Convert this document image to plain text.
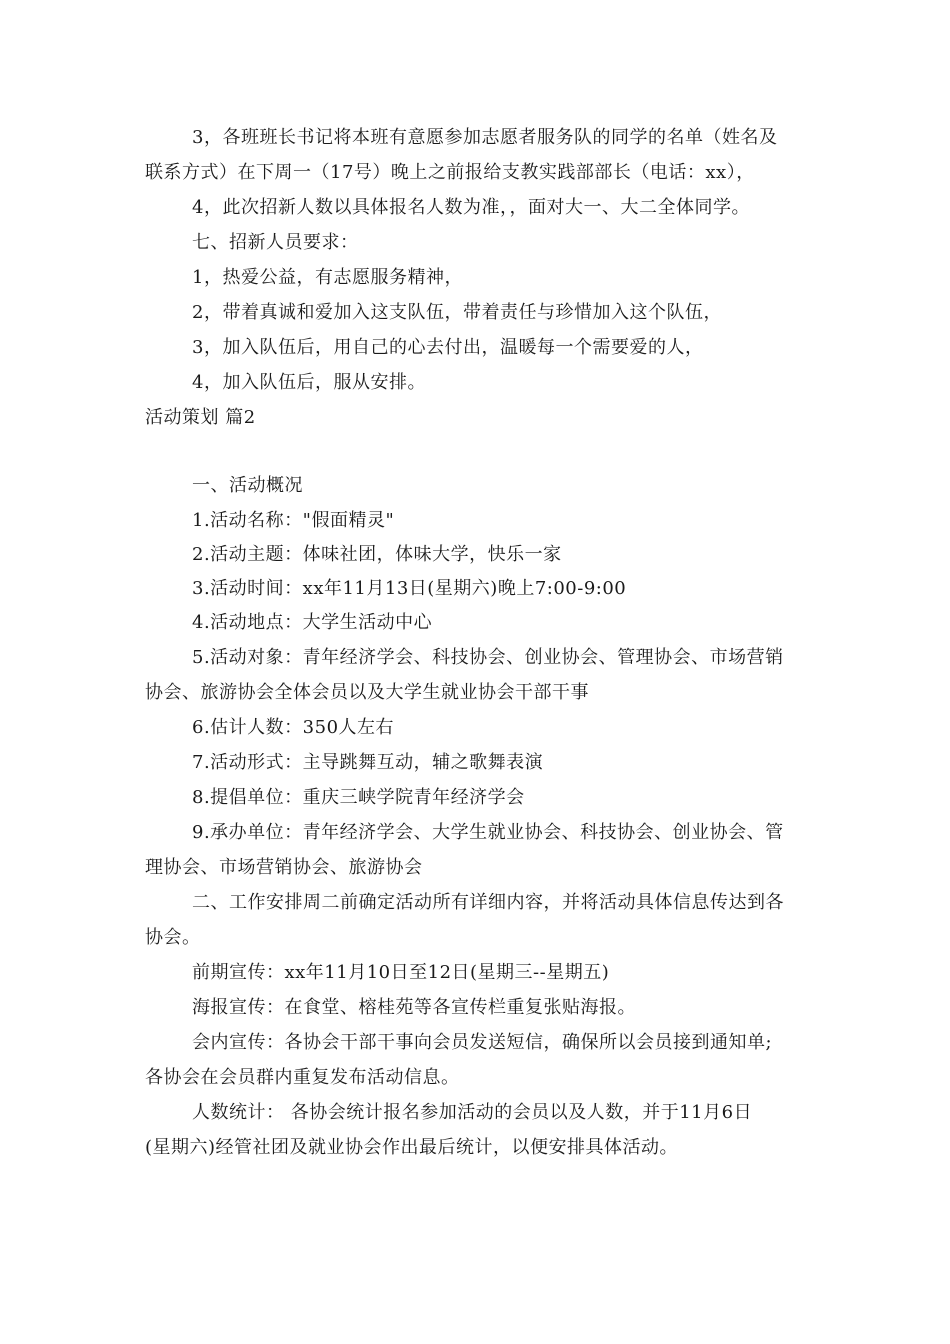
3，各班班长书记将本班有意愿参加志愿者服务队的同学的名单（姓名及
联系方式）在下周一（17号）晚上之前报给支教实践部部长（电话：xx），
4，此次招新人数以具体报名人数为准，，面对大一、大二全体同学。
七、招新人员要求：
1，热爱公益，有志愿服务精神，
2，带着真诚和爱加入这支队伍，带着责任与珍惜加入这个队伍，
3，加入队伍后，用自己的心去付出，温暖每一个需要爱的人，
4，加入队伍后，服从安排。
活动策划 篇2
一、活动概况
1.活动名称："假面精灵"
2.活动主题：体味社团，体味大学，快乐一家
3.活动时间：xx年11月13日(星期六)晚上7:00-9:00
4.活动地点：大学生活动中心
5.活动对象：青年经济学会、科技协会、创业协会、管理协会、市场营销
协会、旅游协会全体会员以及大学生就业协会干部干事
6.估计人数：350人左右
7.活动形式：主导跳舞互动，辅之歌舞表演
8.提倡单位：重庆三峡学院青年经济学会
9.承办单位：青年经济学会、大学生就业协会、科技协会、创业协会、管
理协会、市场营销协会、旅游协会
二、工作安排周二前确定活动所有详细内容，并将活动具体信息传达到各
协会。
前期宣传：xx年11月10日至12日(星期三--星期五)
海报宣传：在食堂、榕桂苑等各宣传栏重复张贴海报。
会内宣传：各协会干部干事向会员发送短信，确保所以会员接到通知单;
各协会在会员群内重复发布活动信息。
人数统计： 各协会统计报名参加活动的会员以及人数，并于11月6日
(星期六)经管社团及就业协会作出最后统计，以便安排具体活动。
